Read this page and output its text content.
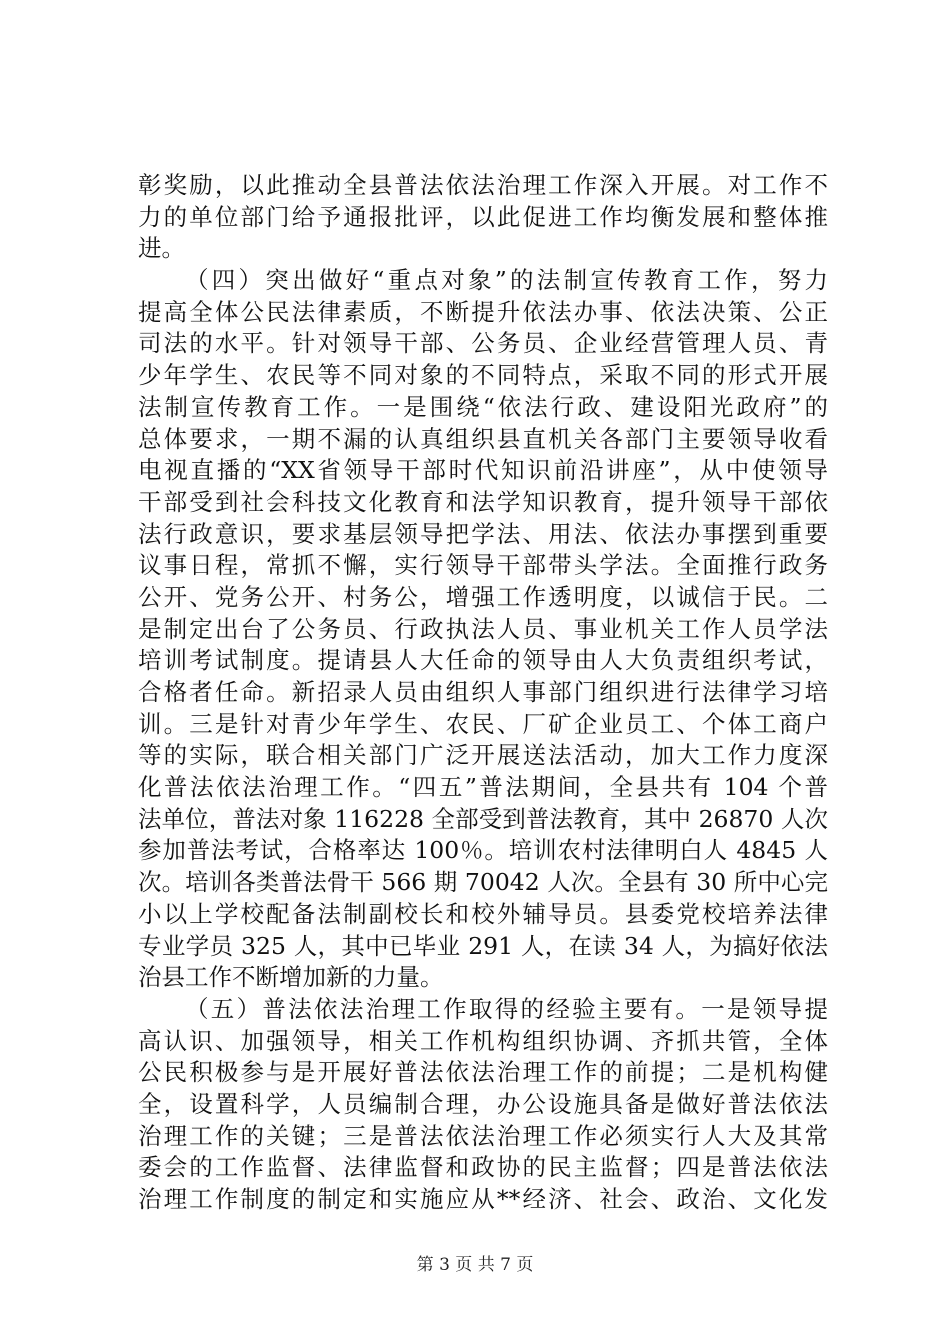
彰奖励，以此推动全县普法依法治理工作深入开展。对工作不
力的单位部门给予通报批评，以此促进工作均衡发展和整体推
进。
（四）突出做好“重点对象”的法制宣传教育工作，努力
提高全体公民法律素质，不断提升依法办事、依法决策、公正
司法的水平。针对领导干部、公务员、企业经营管理人员、青
少年学生、农民等不同对象的不同特点，采取不同的形式开展
法制宣传教育工作。一是围绕“依法行政、建设阳光政府”的
总体要求，一期不漏的认真组织县直机关各部门主要领导收看
电视直播的“XX省领导干部时代知识前沿讲座”，从中使领导
干部受到社会科技文化教育和法学知识教育，提升领导干部依
法行政意识，要求基层领导把学法、用法、依法办事摆到重要
议事日程，常抓不懈，实行领导干部带头学法。全面推行政务
公开、党务公开、村务公，增强工作透明度，以诚信于民。二
是制定出台了公务员、行政执法人员、事业机关工作人员学法
培训考试制度。提请县人大任命的领导由人大负责组织考试，
合格者任命。新招录人员由组织人事部门组织进行法律学习培
训。三是针对青少年学生、农民、厂矿企业员工、个体工商户
等的实际，联合相关部门广泛开展送法活动，加大工作力度深
化普法依法治理工作。“四五”普法期间，全县共有 104 个普
法单位，普法对象 116228 全部受到普法教育，其中 26870 人次
参加普法考试，合格率达 100％。培训农村法律明白人 4845 人
次。培训各类普法骨干 566 期 70042 人次。全县有 30 所中心完
小以上学校配备法制副校长和校外辅导员。县委党校培养法律
专业学员 325 人，其中已毕业 291 人，在读 34 人，为搞好依法
治县工作不断增加新的力量。
（五）普法依法治理工作取得的经验主要有。一是领导提
高认识、加强领导，相关工作机构组织协调、齐抓共管，全体
公民积极参与是开展好普法依法治理工作的前提；二是机构健
全，设置科学，人员编制合理，办公设施具备是做好普法依法
治理工作的关键；三是普法依法治理工作必须实行人大及其常
委会的工作监督、法律监督和政协的民主监督；四是普法依法
治理工作制度的制定和实施应从**经济、社会、政治、文化发
第 3 页 共 7 页
